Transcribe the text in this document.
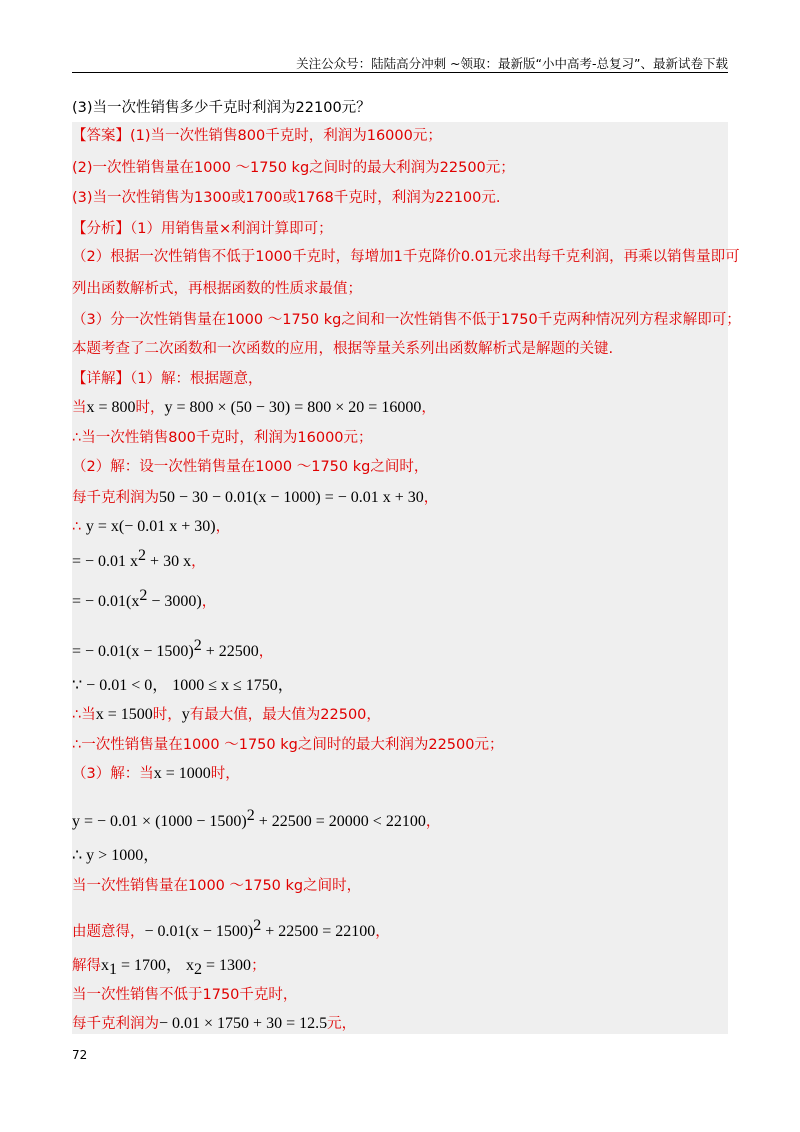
关注公众号：陆陆高分冲刺 ~领取：最新版“小中高考-总复习”、最新试卷下载
(3)当一次性销售多少千克时利润为22100元？
【答案】(1)当一次性销售800千克时，利润为16000元；
(2)一次性销售量在1000 ～1750 kg之间时的最大利润为22500元；
(3)当一次性销售为1300或1700或1768千克时，利润为22100元.
【分析】（1）用销售量×利润计算即可；
（2）根据一次性销售不低于1000千克时，每增加1千克降价0.01元求出每千克利润，再乘以销售量即可
列出函数解析式，再根据函数的性质求最值；
（3）分一次性销售量在1000 ～1750 kg之间和一次性销售不低于1750千克两种情况列方程求解即可；
本题考查了二次函数和一次函数的应用，根据等量关系列出函数解析式是解题的关键.
【详解】（1）解：根据题意，
当x = 800时，y = 800 × (50 − 30) = 800 × 20 = 16000，
∴当一次性销售800千克时，利润为16000元；
（2）解：设一次性销售量在1000 ～1750 kg之间时，
每千克利润为50 − 30 − 0.01(x − 1000) = − 0.01 x + 30，
∴ y = x(− 0.01 x + 30)，
= − 0.01 $x^2 + 30$ x，
= − $0.01(x^2 - 3000)$，
= − $0.01(x - 1500)^2 + 22500$，
∵ − 0.01 < 0， 1000 ≤ x ≤ 1750，
∴当x = 1500时，y有最大值，最大值为22500，
∴一次性销售量在1000 ～1750 kg之间时的最大利润为22500元；
（3）解：当x = 1000时，
y = − $0.01 \times (1000 - 1500)^2 + 22500 = 20000 < 22100$，
∴ y > 1000，
当一次性销售量在1000 ～1750 kg之间时，
由题意得，− $0.01(x - 1500)^2 + 22500 = 22100$，
解得$x_1 = 1700$， $x_2 = 1300$；
当一次性销售不低于1750千克时，
每千克利润为− 0.01 × 1750 + 30 = 12.5元，
72
